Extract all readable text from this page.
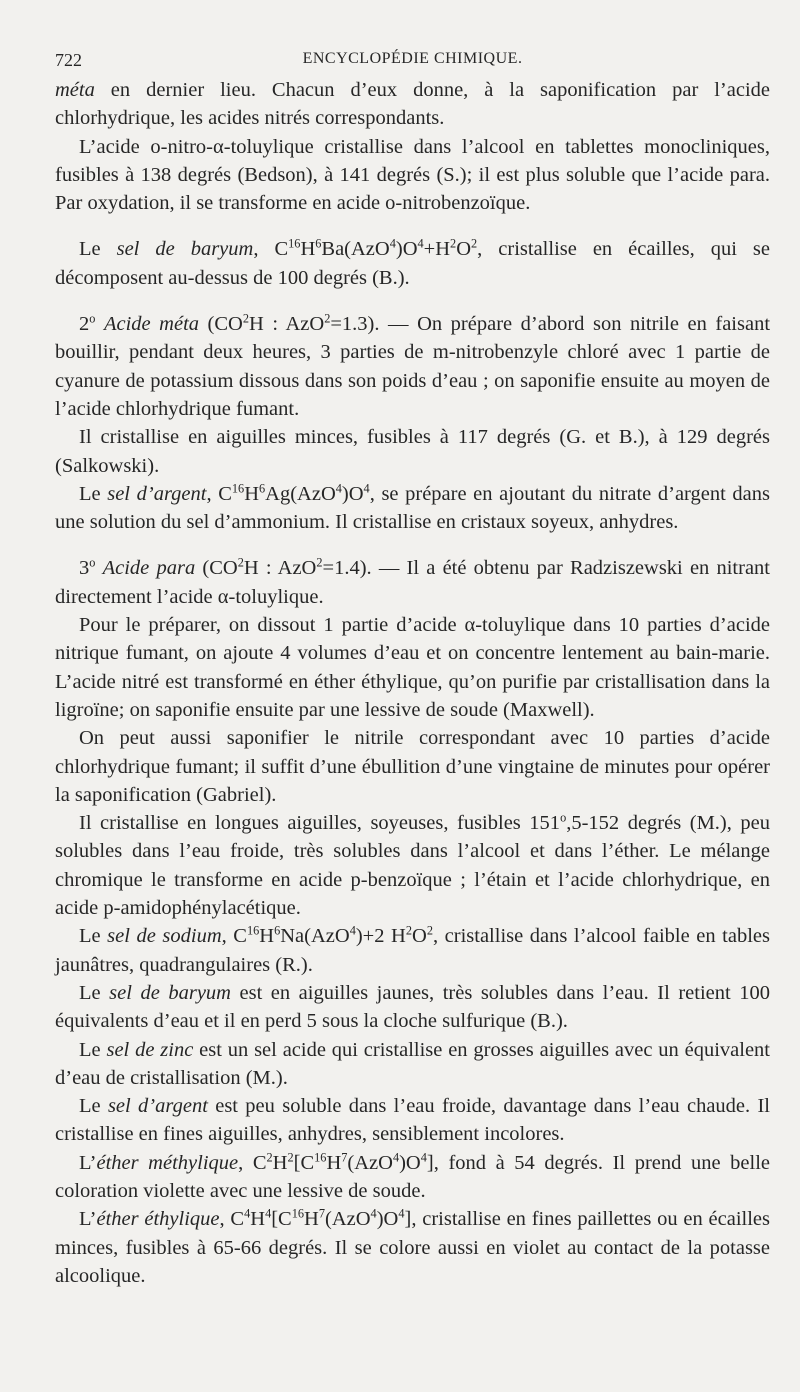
722	ENCYCLOPÉDIE CHIMIQUE.

méta en dernier lieu. Chacun d’eux donne, à la saponification par l’acide chlorhydrique, les acides nitrés correspondants.

L’acide o-nitro-α-toluylique cristallise dans l’alcool en tablettes monocliniques, fusibles à 138 degrés (Bedson), à 141 degrés (S.); il est plus soluble que l’acide para. Par oxydation, il se transforme en acide o-nitrobenzoïque.

Le sel de baryum, $C^{16}H^6Ba(AzO^4)O^4+H^2O^2$, cristallise en écailles, qui se décomposent au-dessus de 100 degrés (B.).

2$^o$ Acide méta ($CO^2H$ : AzO$^2$=1.3). — On prépare d’abord son nitrile en faisant bouillir, pendant deux heures, 3 parties de m-nitrobenzyle chloré avec 1 partie de cyanure de potassium dissous dans son poids d’eau ; on saponifie ensuite au moyen de l’acide chlorhydrique fumant.

Il cristallise en aiguilles minces, fusibles à 117 degrés (G. et B.), à 129 degrés (Salkowski).

Le sel d’argent, $C^{16}H^6Ag(AzO^4)O^4$, se prépare en ajoutant du nitrate d’argent dans une solution du sel d’ammonium. Il cristallise en cristaux soyeux, anhydres.

3$^o$ Acide para ($CO^2H$ : AzO$^2$=1.4). — Il a été obtenu par Radziszewski en nitrant directement l’acide α-toluylique.

Pour le préparer, on dissout 1 partie d’acide α-toluylique dans 10 parties d’acide nitrique fumant, on ajoute 4 volumes d’eau et on concentre lentement au bain-marie. L’acide nitré est transformé en éther éthylique, qu’on purifie par cristallisation dans la ligroïne; on saponifie ensuite par une lessive de soude (Maxwell).

On peut aussi saponifier le nitrile correspondant avec 10 parties d’acide chlorhydrique fumant; il suffit d’une ébullition d’une vingtaine de minutes pour opérer la saponification (Gabriel).

Il cristallise en longues aiguilles, soyeuses, fusibles 151$^o$,5-152 degrés (M.), peu solubles dans l’eau froide, très solubles dans l’alcool et dans l’éther. Le mélange chromique le transforme en acide p-benzoïque ; l’étain et l’acide chlorhydrique, en acide p-amidophénylacétique.

Le sel de sodium, $C^{16}H^6Na(AzO^4)+2$ $H^2O^2$, cristallise dans l’alcool faible en tables jaunâtres, quadrangulaires (R.).

Le sel de baryum est en aiguilles jaunes, très solubles dans l’eau. Il retient 100 équivalents d’eau et il en perd 5 sous la cloche sulfurique (B.).

Le sel de zinc est un sel acide qui cristallise en grosses aiguilles avec un équivalent d’eau de cristallisation (M.).

Le sel d’argent est peu soluble dans l’eau froide, davantage dans l’eau chaude. Il cristallise en fines aiguilles, anhydres, sensiblement incolores.

L’éther méthylique, $C^2H^2[C^{16}H^7(AzO^4)O^4]$, fond à 54 degrés. Il prend une belle coloration violette avec une lessive de soude.

L’éther éthylique, $C^4H^4[C^{16}H^7(AzO^4)O^4]$, cristallise en fines paillettes ou en écailles minces, fusibles à 65-66 degrés. Il se colore aussi en violet au contact de la potasse alcoolique.
